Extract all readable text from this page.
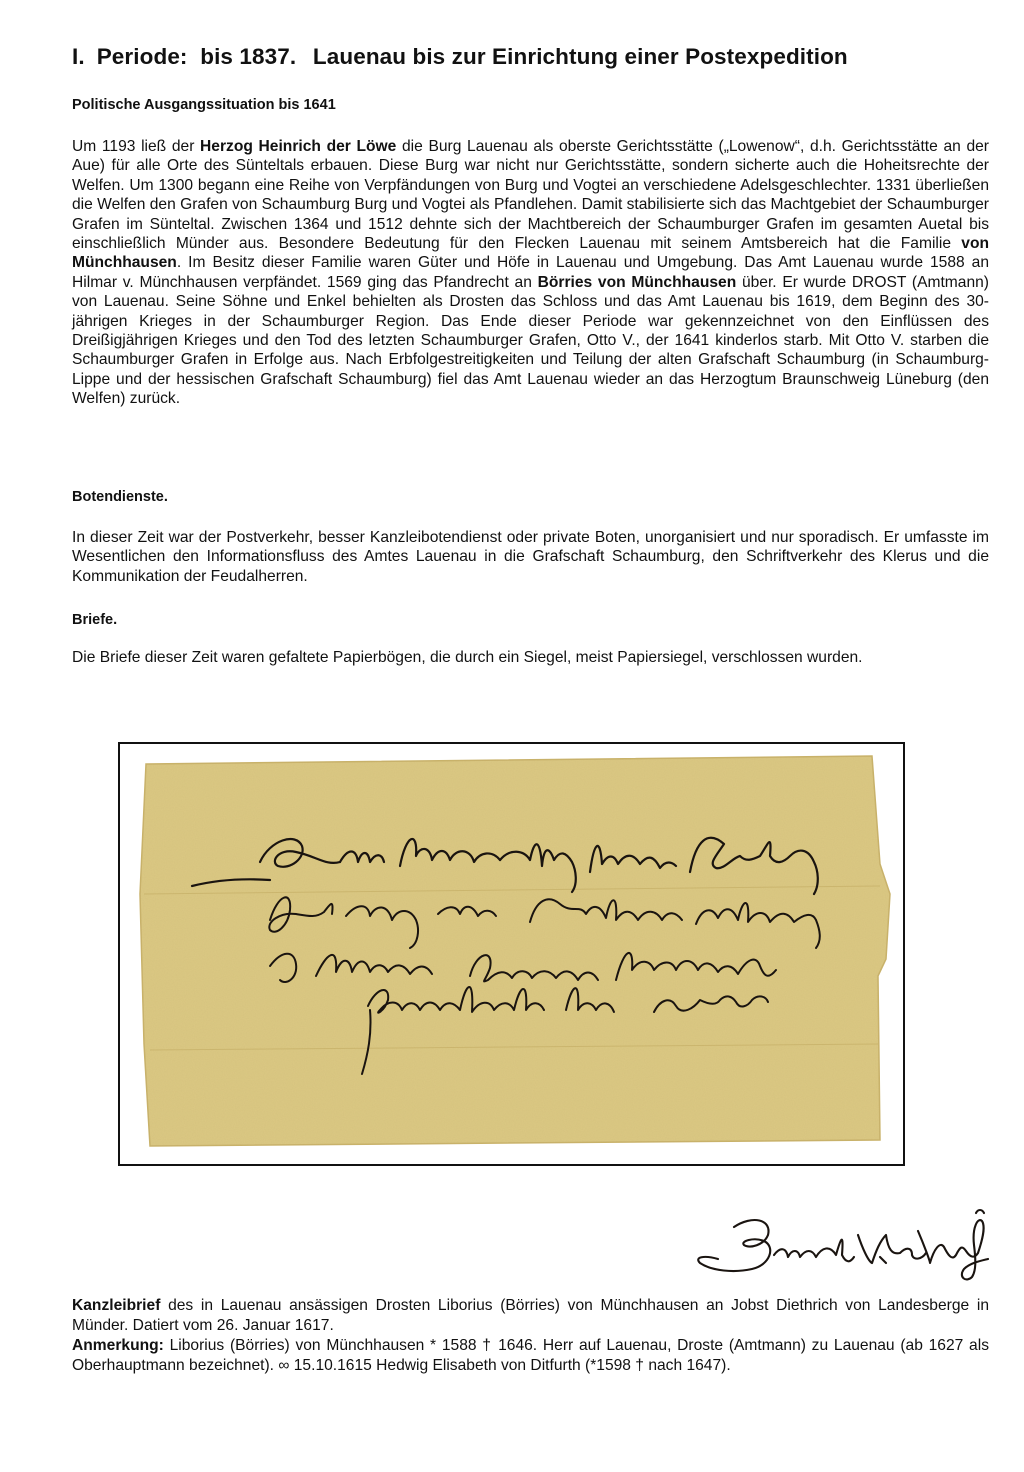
I. Periode: bis 1837. Lauenau bis zur Einrichtung einer Postexpedition
Politische Ausgangssituation bis 1641

Um 1193 ließ der Herzog Heinrich der Löwe die Burg Lauenau als oberste Gerichtsstätte („Lowenow“, d.h. Gerichtsstätte an der Aue) für alle Orte des Sünteltals erbauen. Diese Burg war nicht nur Gerichtsstätte, sondern sicherte auch die Hoheitsrechte der Welfen. Um 1300 begann eine Reihe von Verpfändungen von Burg und Vogtei an verschiedene Adelsgeschlechter. 1331 überließen die Welfen den Grafen von Schaumburg Burg und Vogtei als Pfandlehen. Damit stabilisierte sich das Machtgebiet der Schaumburger Grafen im Sünteltal. Zwischen 1364 und 1512 dehnte sich der Machtbereich der Schaumburger Grafen im gesamten Auetal bis einschließlich Münder aus. Besondere Bedeutung für den Flecken Lauenau mit seinem Amtsbereich hat die Familie von Münchhausen. Im Besitz dieser Familie waren Güter und Höfe in Lauenau und Umgebung. Das Amt Lauenau wurde 1588 an Hilmar v. Münchhausen verpfändet. 1569 ging das Pfandrecht an Börries von Münchhausen über. Er wurde DROST (Amtmann) von Lauenau. Seine Söhne und Enkel behielten als Drosten das Schloss und das Amt Lauenau bis 1619, dem Beginn des 30-jährigen Krieges in der Schaumburger Region. Das Ende dieser Periode war gekennzeichnet von den Einflüssen des Dreißigjährigen Krieges und den Tod des letzten Schaumburger Grafen, Otto V., der 1641 kinderlos starb. Mit Otto V. starben die Schaumburger Grafen in Erfolge aus. Nach Erbfolgestreitigkeiten und Teilung der alten Grafschaft Schaumburg (in Schaumburg-Lippe und der hessischen Grafschaft Schaumburg) fiel das Amt Lauenau wieder an das Herzogtum Braunschweig Lüneburg (den Welfen) zurück.

Botendienste.

In dieser Zeit war der Postverkehr, besser Kanzleibotendienst oder private Boten, unorganisiert und nur sporadisch. Er umfasste im Wesentlichen den Informationsfluss des Amtes Lauenau in die Grafschaft Schaumburg, den Schriftverkehr des Klerus und die Kommunikation der Feudalherren.

Briefe.

Die Briefe dieser Zeit waren gefaltete Papierbögen, die durch ein Siegel, meist Papiersiegel, verschlossen wurden.

Kanzleibrief des in Lauenau ansässigen Drosten Liborius (Börries) von Münchhausen an Jobst Diethrich von Landesberge in Münder. Datiert vom 26. Januar 1617.
Anmerkung: Liborius (Börries) von Münchhausen * 1588 † 1646. Herr auf Lauenau, Droste (Amtmann) zu Lauenau (ab 1627 als Oberhauptmann bezeichnet). ∞ 15.10.1615 Hedwig Elisabeth von Ditfurth (*1598 † nach 1647).
